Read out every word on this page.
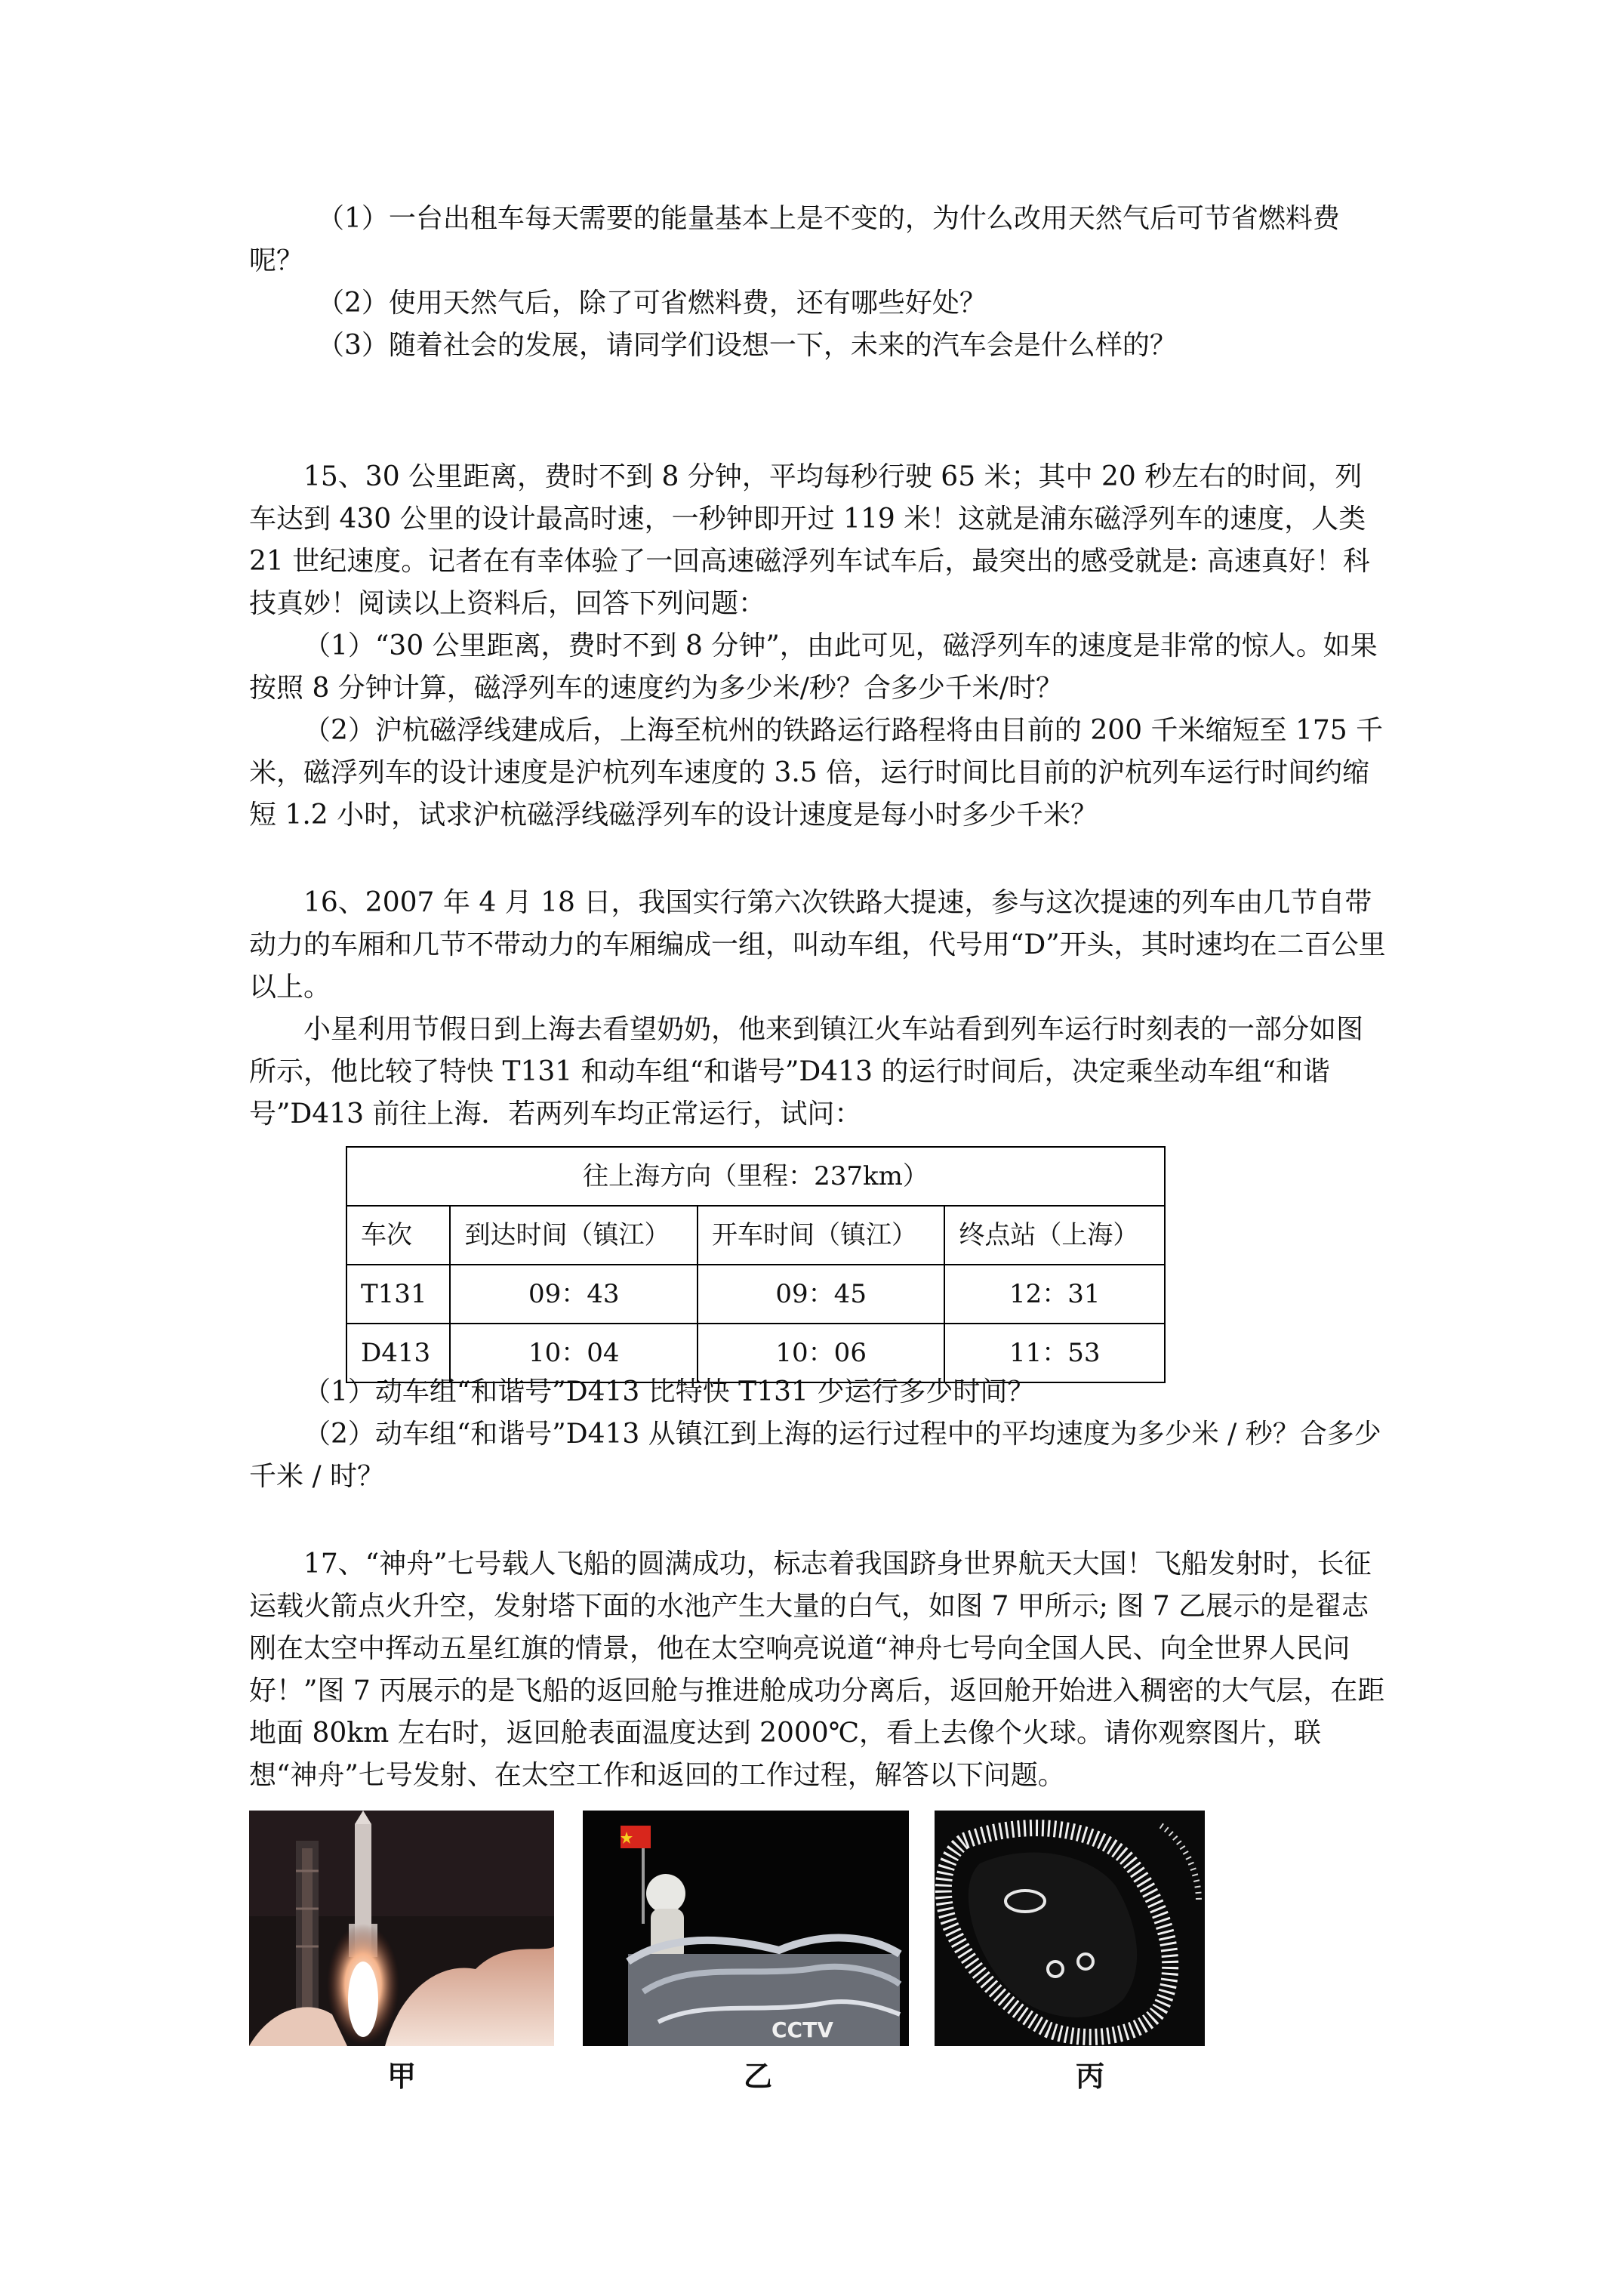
（1）一台出租车每天需要的能量基本上是不变的，为什么改用天然气后可节省燃料费呢？

（2）使用天然气后，除了可省燃料费，还有哪些好处？

（3）随着社会的发展，请同学们设想一下，未来的汽车会是什么样的？

15、30 公里距离，费时不到 8 分钟，平均每秒行驶 65 米；其中 20 秒左右的时间，列车达到 430 公里的设计最高时速，一秒钟即开过 119 米！这就是浦东磁浮列车的速度，人类 21 世纪速度。记者在有幸体验了一回高速磁浮列车试车后，最突出的感受就是: 高速真好！科技真妙！阅读以上资料后，回答下列问题：

（1）“30 公里距离，费时不到 8 分钟”，由此可见，磁浮列车的速度是非常的惊人。如果按照 8 分钟计算，磁浮列车的速度约为多少米/秒？合多少千米/时？

（2）沪杭磁浮线建成后，上海至杭州的铁路运行路程将由目前的 200 千米缩短至 175 千米，磁浮列车的设计速度是沪杭列车速度的 3.5 倍，运行时间比目前的沪杭列车运行时间约缩短 1.2 小时，试求沪杭磁浮线磁浮列车的设计速度是每小时多少千米？

16、2007 年 4 月 18 日，我国实行第六次铁路大提速，参与这次提速的列车由几节自带动力的车厢和几节不带动力的车厢编成一组，叫动车组，代号用“D”开头，其时速均在二百公里以上。

小星利用节假日到上海去看望奶奶，他来到镇江火车站看到列车运行时刻表的一部分如图所示，他比较了特快 T131 和动车组“和谐号”D413 的运行时间后，决定乘坐动车组“和谐号”D413 前往上海．若两列车均正常运行，试问：

往上海方向（里程：237km）			
车次	到达时间（镇江）	开车时间（镇江）	终点站（上海）
T131	09：43	09：45	12：31
D413	10：04	10：06	11：53

（1）动车组“和谐号”D413 比特快 T131 少运行多少时间？

（2）动车组“和谐号”D413 从镇江到上海的运行过程中的平均速度为多少米 / 秒？合多少千米 / 时？

17、“神舟”七号载人飞船的圆满成功，标志着我国跻身世界航天大国！飞船发射时，长征运载火箭点火升空，发射塔下面的水池产生大量的白气，如图 7 甲所示; 图 7 乙展示的是翟志刚在太空中挥动五星红旗的情景，他在太空响亮说道“神舟七号向全国人民、向全世界人民问好！”图 7 丙展示的是飞船的返回舱与推进舱成功分离后，返回舱开始进入稠密的大气层，在距地面 80km 左右时，返回舱表面温度达到 2000℃，看上去像个火球。请你观察图片，联想“神舟”七号发射、在太空工作和返回的工作过程，解答以下问题。

甲
CCTV
乙	丙
